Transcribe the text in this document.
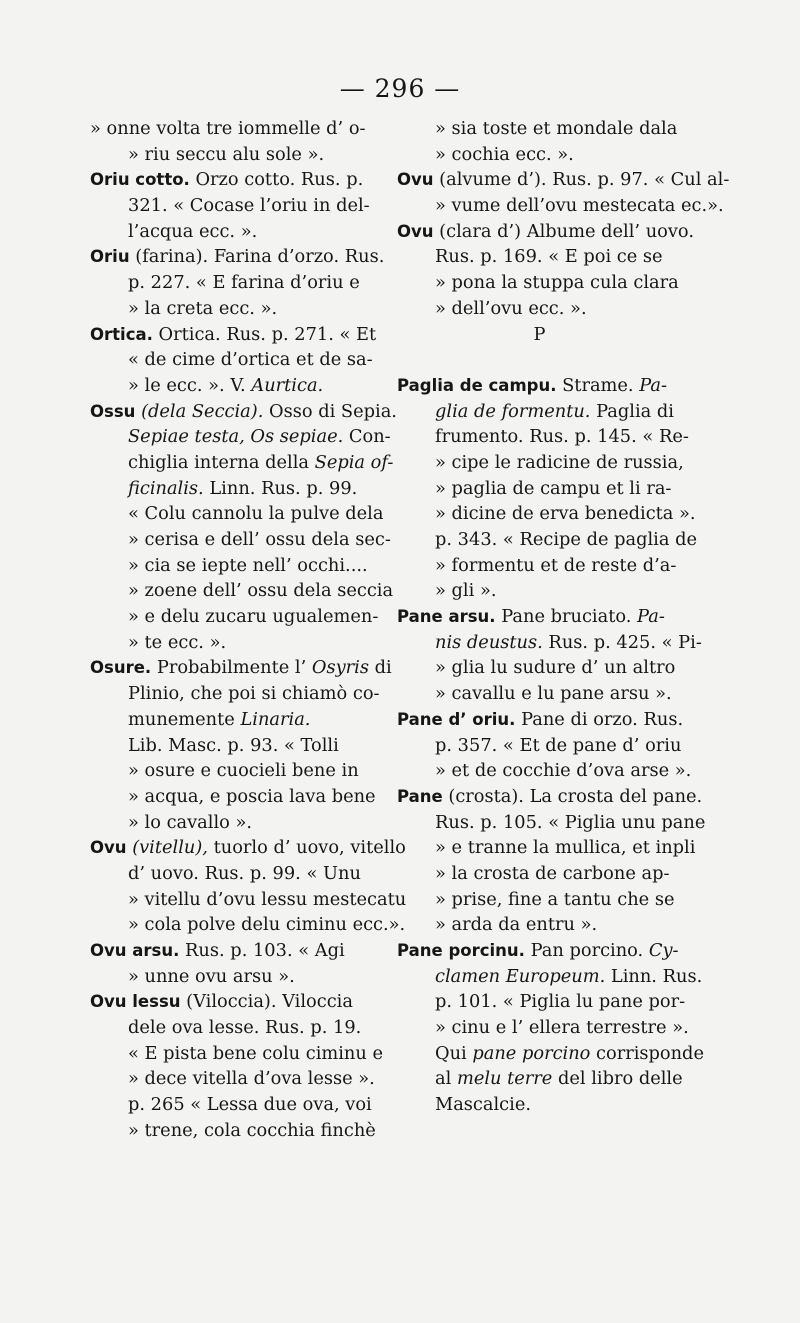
— 296 —
» onne volta tre iommelle d’ o-
» riu seccu alu sole ».
Oriu cotto. Orzo cotto. Rus. p.
321. « Cocase l’oriu in del-
l’acqua ecc. ».
Oriu (farina). Farina d’orzo. Rus.
p. 227. « E farina d’oriu e
» la creta ecc. ».
Ortica. Ortica. Rus. p. 271. « Et
« de cime d’ortica et de sa-
» le ecc. ». V. Aurtica.
Ossu (dela Seccia). Osso di Sepia.
Sepiae testa, Os sepiae. Con-
chiglia interna della Sepia of-
ficinalis. Linn. Rus. p. 99.
« Colu cannolu la pulve dela
» cerisa e dell’ ossu dela sec-
» cia se iepte nell’ occhi....
» zoene dell’ ossu dela seccia
» e delu zucaru ugualemen-
» te ecc. ».
Osure. Probabilmente l’ Osyris di
Plinio, che poi si chiamò co-
munemente Linaria.
Lib. Masc. p. 93. « Tolli
» osure e cuocieli bene in
» acqua, e poscia lava bene
» lo cavallo ».
Ovu (vitellu), tuorlo d’ uovo, vitello
d’ uovo. Rus. p. 99. « Unu
» vitellu d’ovu lessu mestecatu
» cola polve delu ciminu ecc.».
Ovu arsu. Rus. p. 103. « Agi
» unne ovu arsu ».
Ovu lessu (Viloccia). Viloccia
dele ova lesse. Rus. p. 19.
« E pista bene colu ciminu e
» dece vitella d’ova lesse ».
p. 265 « Lessa due ova, voi
» trene, cola cocchia finchè
» sia toste et mondale dala
» cochia ecc. ».
Ovu (alvume d’). Rus. p. 97. « Cul al-
» vume dell’ovu mestecata ec.».
Ovu (clara d’) Albume dell’ uovo.
Rus. p. 169. « E poi ce se
» pona la stuppa cula clara
» dell’ovu ecc. ».
P
Paglia de campu. Strame. Pa-
glia de formentu. Paglia di
frumento. Rus. p. 145. « Re-
» cipe le radicine de russia,
» paglia de campu et li ra-
» dicine de erva benedicta ».
p. 343. « Recipe de paglia de
» formentu et de reste d’a-
» gli ».
Pane arsu. Pane bruciato. Pa-
nis deustus. Rus. p. 425. « Pi-
» glia lu sudure d’ un altro
» cavallu e lu pane arsu ».
Pane d’ oriu. Pane di orzo. Rus.
p. 357. « Et de pane d’ oriu
» et de cocchie d’ova arse ».
Pane (crosta). La crosta del pane.
Rus. p. 105. « Piglia unu pane
» e tranne la mullica, et inpli
» la crosta de carbone ap-
» prise, fine a tantu che se
» arda da entru ».
Pane porcinu. Pan porcino. Cy-
clamen Europeum. Linn. Rus.
p. 101. « Piglia lu pane por-
» cinu e l’ ellera terrestre ».
Qui pane porcino corrisponde
al melu terre del libro delle
Mascalcie.
